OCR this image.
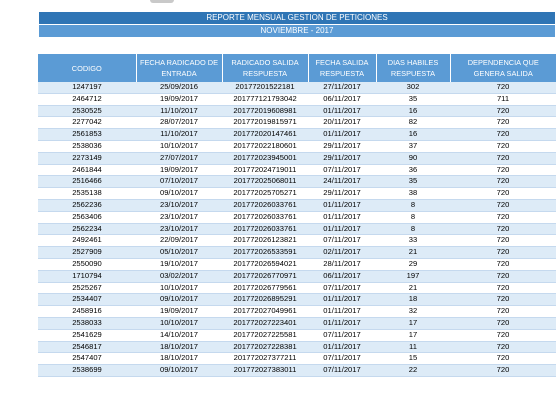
REPORTE MENSUAL GESTION DE PETICIONES
NOVIEMBRE - 2017
CODIGO	FECHA RADICADO DE ENTRADA	RADICADO SALIDA RESPUESTA	FECHA SALIDA RESPUESTA	DIAS HABILES RESPUESTA	DEPENDENCIA QUE GENERA SALIDA
1247197	25/09/2016	20177201522181	27/11/2017	302	720
2464712	19/09/2017	201777121793042	06/11/2017	35	711
2530525	11/10/2017	201772019608981	01/11/2017	16	720
2277042	28/07/2017	201772019815971	20/11/2017	82	720
2561853	11/10/2017	201772020147461	01/11/2017	16	720
2538036	10/10/2017	201772022180601	29/11/2017	37	720
2273149	27/07/2017	201772023945001	29/11/2017	90	720
2461844	19/09/2017	201772024719011	07/11/2017	36	720
2516466	07/10/2017	201772025068011	24/11/2017	35	720
2535138	09/10/2017	201772025705271	29/11/2017	38	720
2562236	23/10/2017	201772026033761	01/11/2017	8	720
2563406	23/10/2017	201772026033761	01/11/2017	8	720
2562234	23/10/2017	201772026033761	01/11/2017	8	720
2492461	22/09/2017	201772026123821	07/11/2017	33	720
2527909	05/10/2017	201772026533591	02/11/2017	21	720
2550090	19/10/2017	201772026594021	28/11/2017	29	720
1710794	03/02/2017	201772026770971	06/11/2017	197	720
2525267	10/10/2017	201772026779561	07/11/2017	21	720
2534407	09/10/2017	201772026895291	01/11/2017	18	720
2458916	19/09/2017	201772027049961	01/11/2017	32	720
2538033	10/10/2017	201772027223401	01/11/2017	17	720
2541629	14/10/2017	201772027225581	07/11/2017	17	720
2546817	18/10/2017	201772027228381	01/11/2017	11	720
2547407	18/10/2017	201772027377211	07/11/2017	15	720
2538699	09/10/2017	201772027383011	07/11/2017	22	720
